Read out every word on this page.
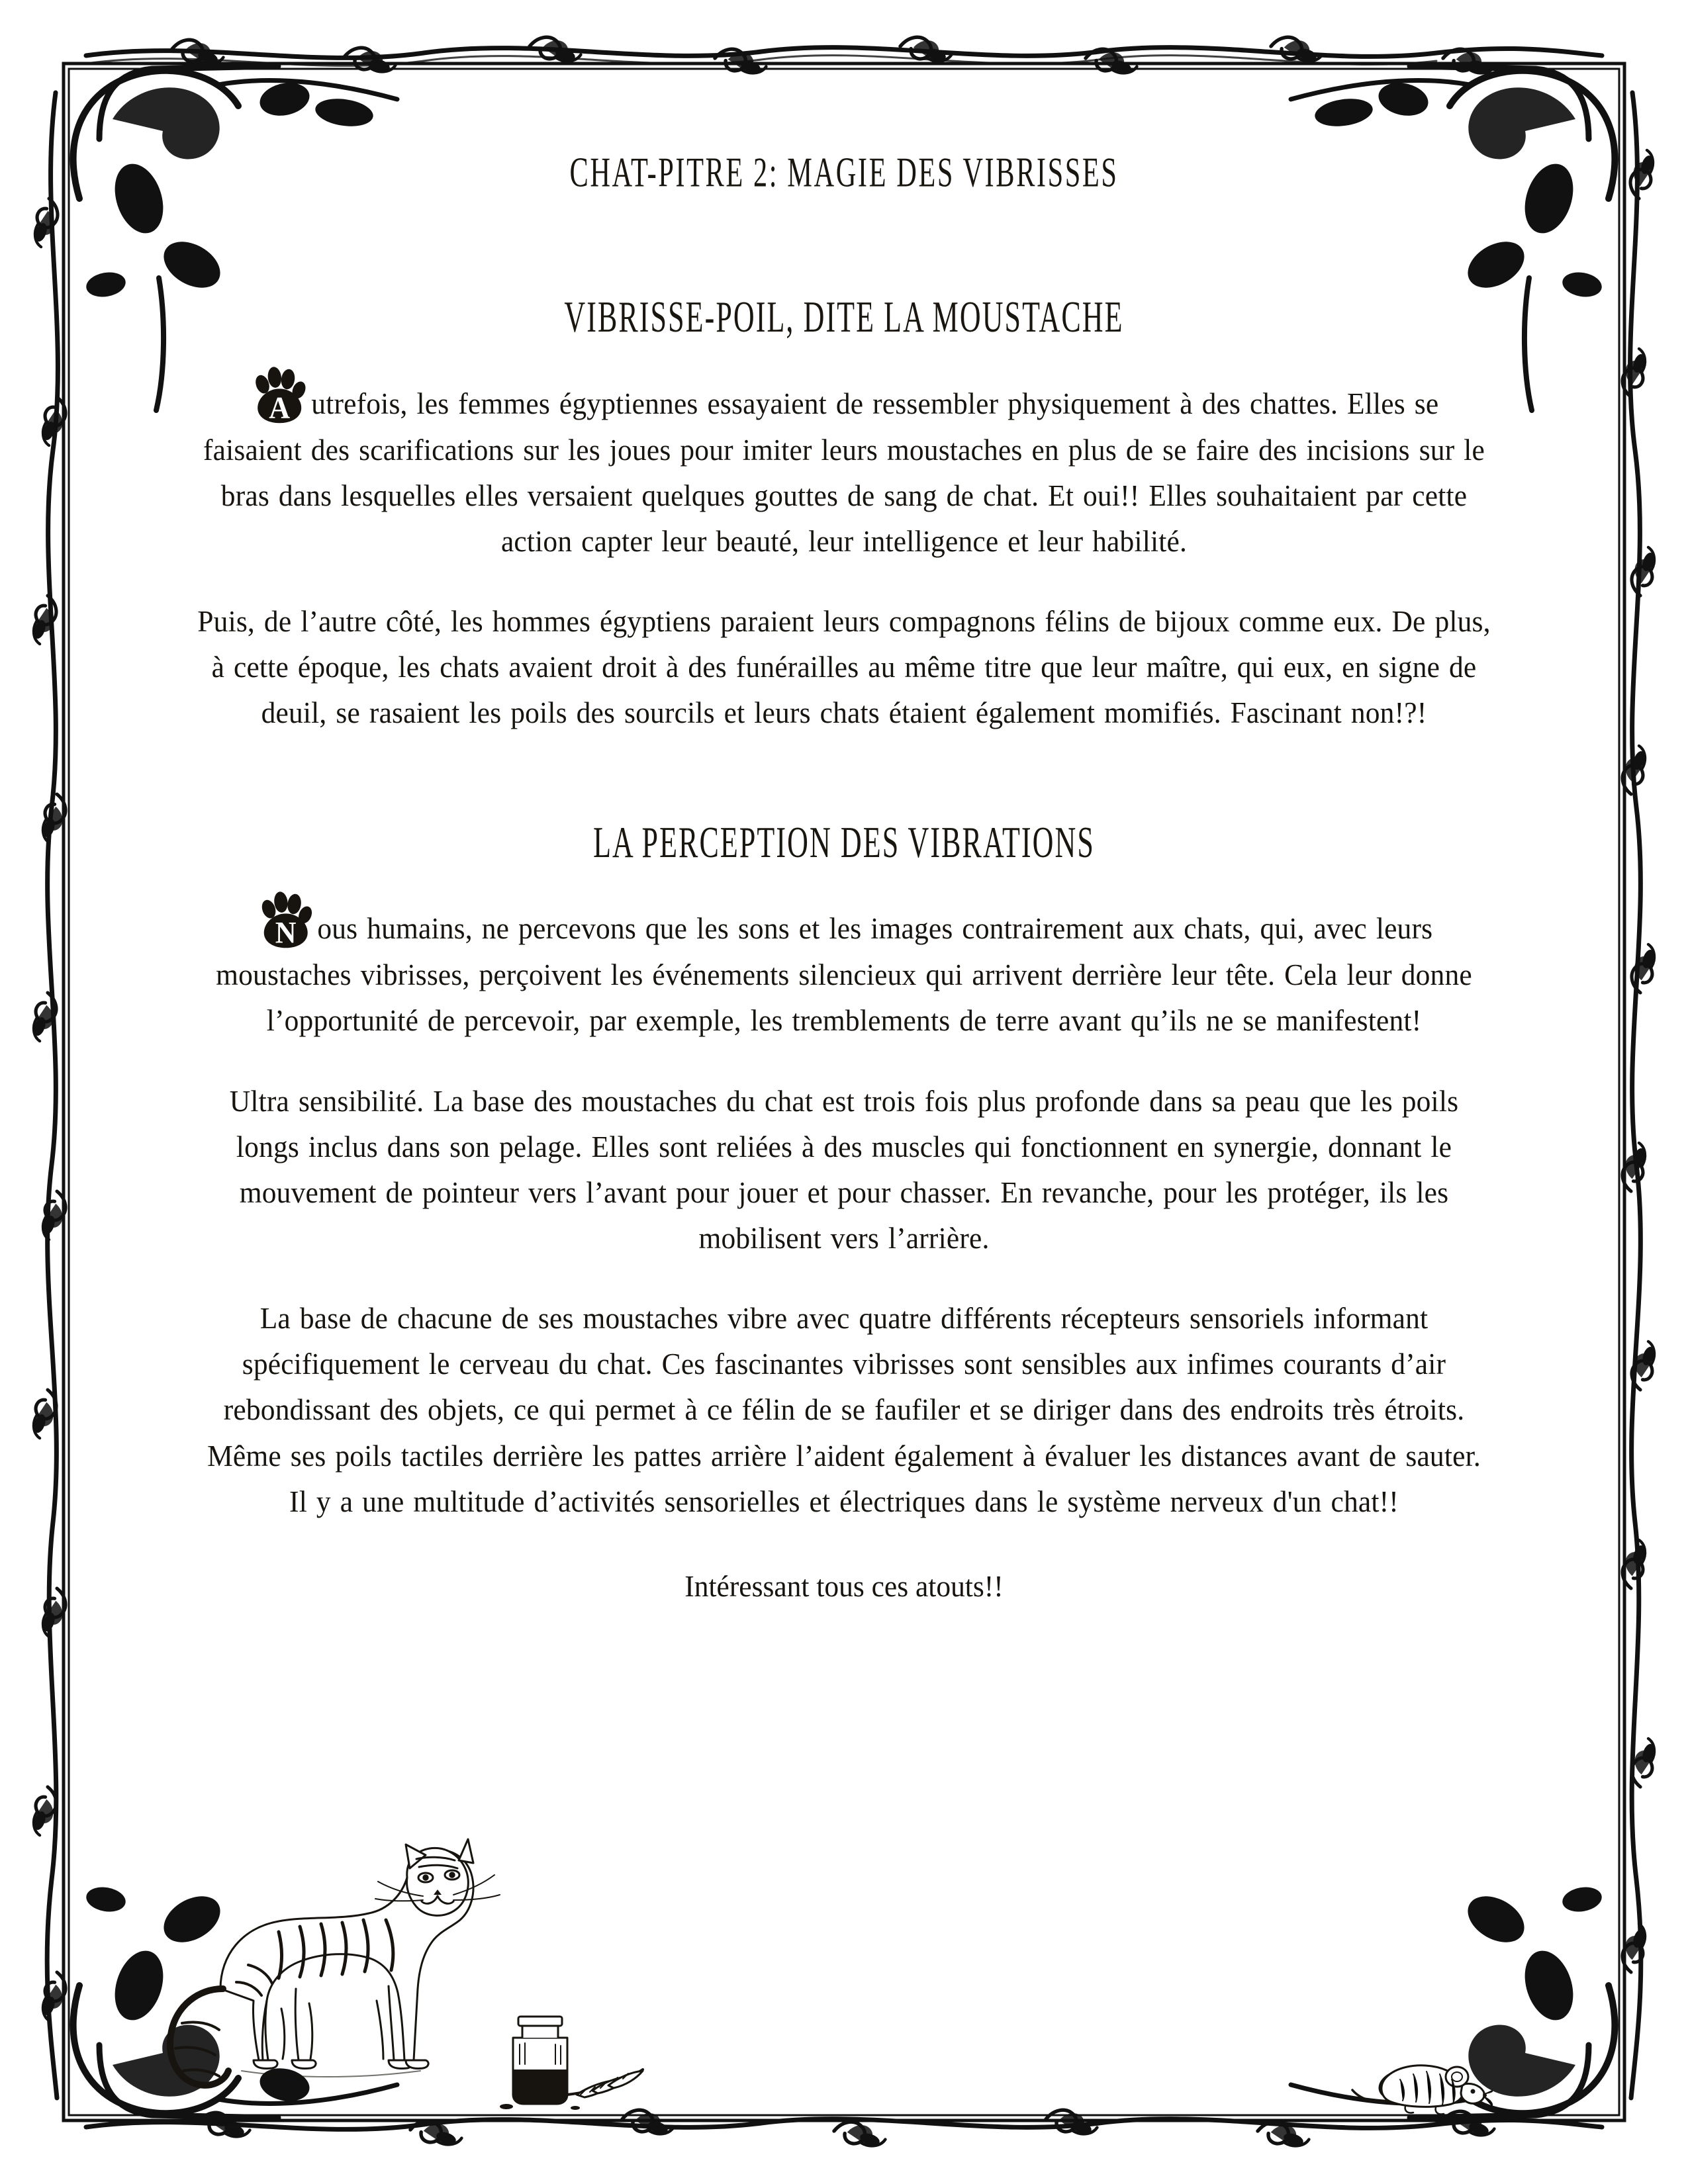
CHAT-PITRE 2: MAGIE DES VIBRISSES
VIBRISSE-POIL, DITE LA MOUSTACHE

A utrefois, les femmes égyptiennes essayaient de ressembler physiquement à des chattes. Elles se faisaient des scarifications sur les joues pour imiter leurs moustaches en plus de se faire des incisions sur le bras dans lesquelles elles versaient quelques gouttes de sang de chat. Et oui!! Elles souhaitaient par cette action capter leur beauté, leur intelligence et leur habilité.

Puis, de l’autre côté, les hommes égyptiens paraient leurs compagnons félins de bijoux comme eux. De plus, à cette époque, les chats avaient droit à des funérailles au même titre que leur maître, qui eux, en signe de deuil, se rasaient les poils des sourcils et leurs chats étaient également momifiés. Fascinant non!?!

LA PERCEPTION DES VIBRATIONS

N ous humains, ne percevons que les sons et les images contrairement aux chats, qui, avec leurs moustaches vibrisses, perçoivent les événements silencieux qui arrivent derrière leur tête. Cela leur donne l’opportunité de percevoir, par exemple, les tremblements de terre avant qu’ils ne se manifestent!

Ultra sensibilité. La base des moustaches du chat est trois fois plus profonde dans sa peau que les poils longs inclus dans son pelage. Elles sont reliées à des muscles qui fonctionnent en synergie, donnant le mouvement de pointeur vers l’avant pour jouer et pour chasser. En revanche, pour les protéger, ils les mobilisent vers l’arrière.

La base de chacune de ses moustaches vibre avec quatre différents récepteurs sensoriels informant spécifiquement le cerveau du chat. Ces fascinantes vibrisses sont sensibles aux infimes courants d’air rebondissant des objets, ce qui permet à ce félin de se faufiler et se diriger dans des endroits très étroits. Même ses poils tactiles derrière les pattes arrière l’aident également à évaluer les distances avant de sauter. Il y a une multitude d’activités sensorielles et électriques dans le système nerveux d'un chat!!

Intéressant tous ces atouts!!
